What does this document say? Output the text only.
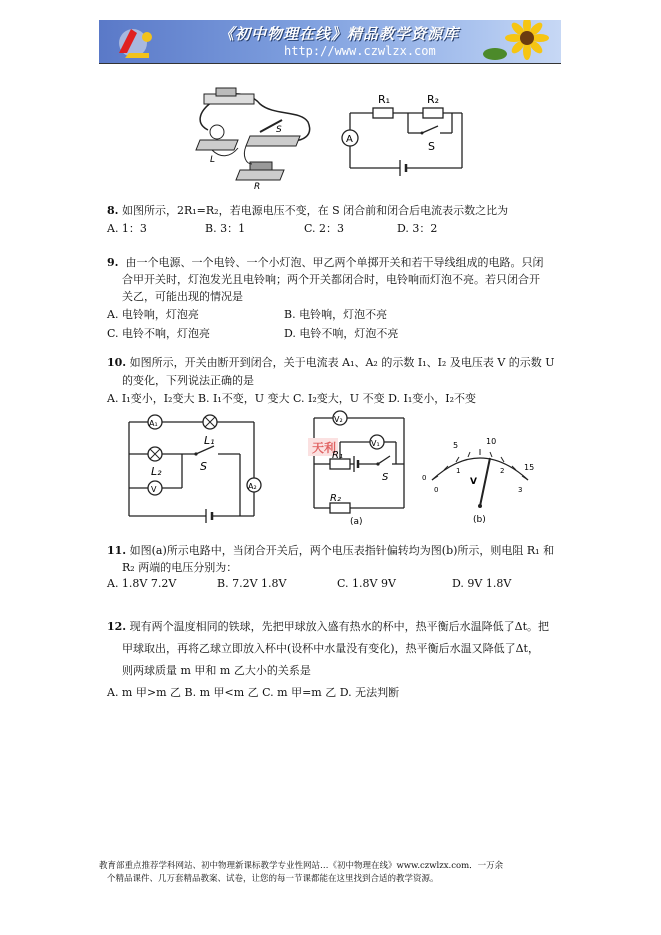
《初中物理在线》精品教学资源库
http://www.czwlzx.com
L
S
R
R₁	R₂
A
S
8. 如图所示，2R₁=R₂，若电源电压不变，在 S 闭合前和闭合后电流表示数之比为
A. 1：3	B. 3：1	C. 2：3	D. 3：2
9. 由一个电源、一个电铃、一个小灯泡、甲乙两个单掷开关和若干导线组成的电路。只闭
合甲开关时，灯泡发光且电铃响；两个开关都闭合时，电铃响而灯泡不亮。若只闭合开
关乙，可能出现的情况是
A. 电铃响，灯泡亮	B. 电铃响，灯泡不亮
C. 电铃不响，灯泡亮	D. 电铃不响，灯泡不亮
10. 如图所示，开关由断开到闭合，关于电流表 A₁、A₂ 的示数 I₁、I₂ 及电压表 V 的示数 U
的变化，下列说法正确的是
A. I₁变小，I₂变大 B. I₁不变，U 变大 C. I₂变大，U 不变 D. I₁变小，I₂不变
A₁
A₂
V
L₁
L₂	S
天利
V₂
V₁
R₁
R₂
S
(a)
5	10
15
1	2
0
0	3
V
(b)
11. 如图(a)所示电路中，当闭合开关后，两个电压表指针偏转均为图(b)所示，则电阻 R₁ 和
R₂ 两端的电压分别为：
A. 1.8V 7.2V	B. 7.2V 1.8V	C. 1.8V 9V	D. 9V 1.8V
12. 现有两个温度相同的铁球，先把甲球放入盛有热水的杯中，热平衡后水温降低了Δt。把
甲球取出，再将乙球立即放入杯中(设杯中水量没有变化)，热平衡后水温又降低了Δt，
则两球质量 m 甲和 m 乙大小的关系是
A. m 甲>m 乙 B. m 甲<m 乙 C. m 甲=m 乙 D. 无法判断
教育部重点推荐学科网站、初中物理新课标教学专业性网站…《初中物理在线》www.czwlzx.com．一万余
个精品课件、几万套精品教案、试卷，让您的每一节课都能在这里找到合适的教学资源。
